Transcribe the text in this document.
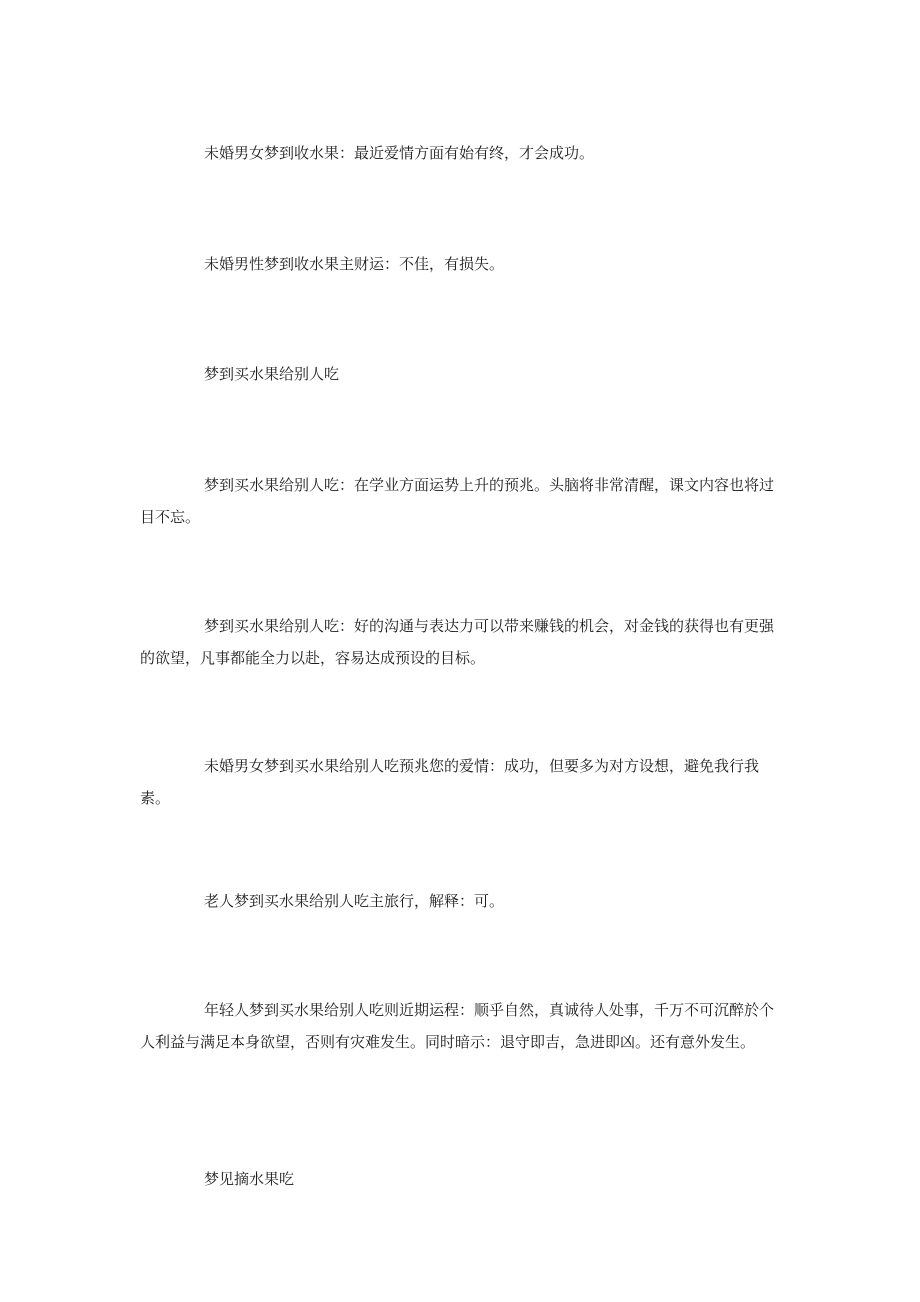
未婚男女梦到收水果：最近爱情方面有始有终，才会成功。

未婚男性梦到收水果主财运：不佳，有损失。

梦到买水果给别人吃

梦到买水果给别人吃：在学业方面运势上升的预兆。头脑将非常清醒，课文内容也将过目不忘。

梦到买水果给别人吃：好的沟通与表达力可以带来赚钱的机会，对金钱的获得也有更强的欲望，凡事都能全力以赴，容易达成预设的目标。

未婚男女梦到买水果给别人吃预兆您的爱情：成功，但要多为对方设想，避免我行我素。

老人梦到买水果给别人吃主旅行，解释：可。

年轻人梦到买水果给别人吃则近期运程：顺乎自然，真诚待人处事，千万不可沉醉於个人利益与满足本身欲望，否则有灾难发生。同时暗示：退守即吉，急进即凶。还有意外发生。

梦见摘水果吃
